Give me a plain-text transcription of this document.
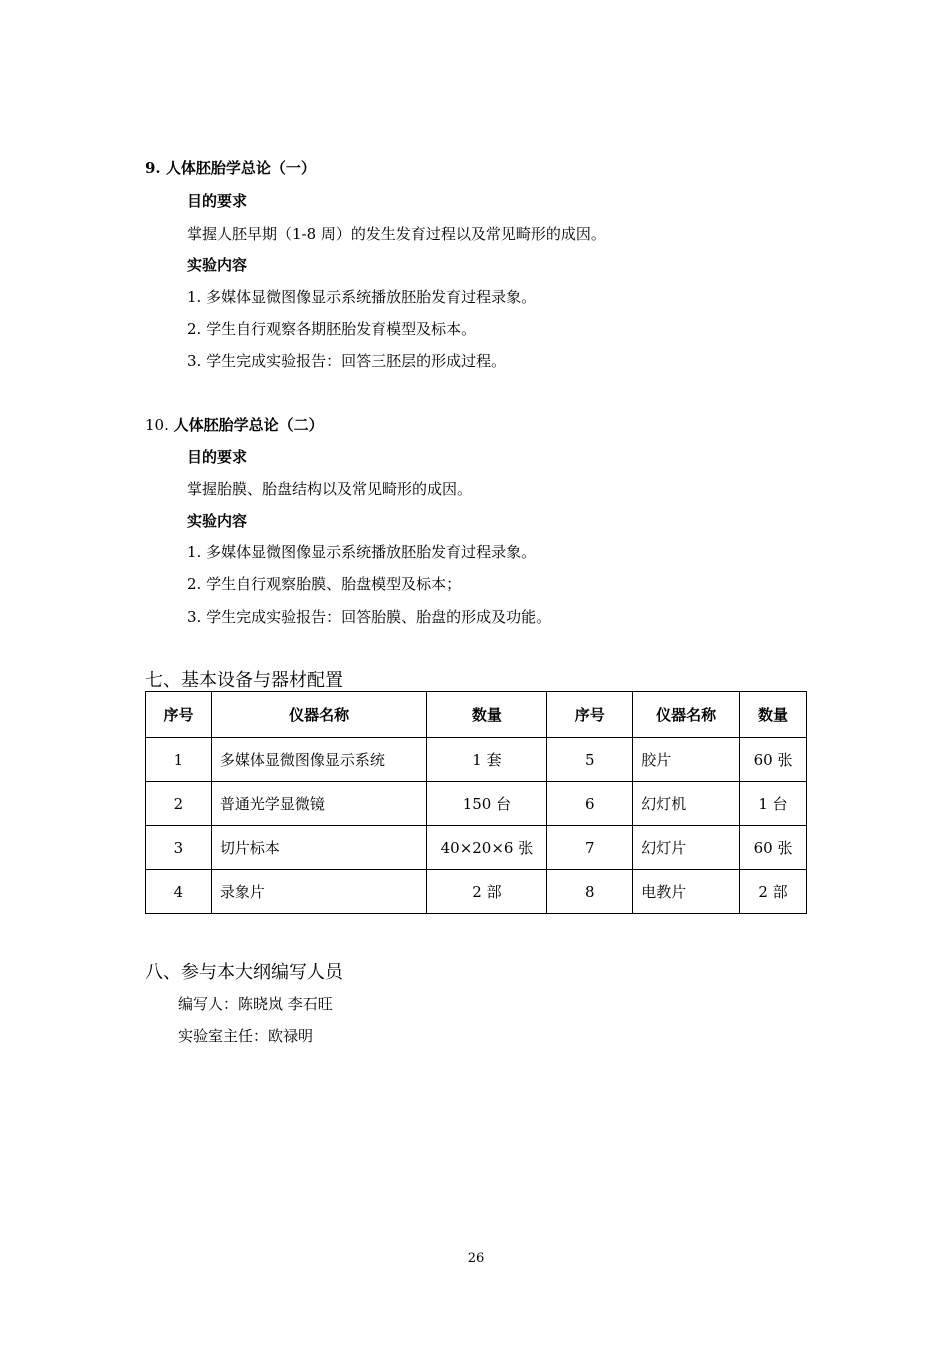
9. 人体胚胎学总论（一）
目的要求
掌握人胚早期（1-8 周）的发生发育过程以及常见畸形的成因。
实验内容
1. 多媒体显微图像显示系统播放胚胎发育过程录象。
2. 学生自行观察各期胚胎发育模型及标本。
3. 学生完成实验报告：回答三胚层的形成过程。
10. 人体胚胎学总论（二）
目的要求
掌握胎膜、胎盘结构以及常见畸形的成因。
实验内容
1. 多媒体显微图像显示系统播放胚胎发育过程录象。
2. 学生自行观察胎膜、胎盘模型及标本；
3. 学生完成实验报告：回答胎膜、胎盘的形成及功能。
七、基本设备与器材配置
序号	仪器名称	数量	序号	仪器名称	数量
1	多媒体显微图像显示系统	1 套	5	胶片	60 张
2	普通光学显微镜	150 台	6	幻灯机	1 台
3	切片标本	40×20×6 张	7	幻灯片	60 张
4	录象片	2 部	8	电教片	2 部
八、参与本大纲编写人员
编写人：陈晓岚 李石旺
实验室主任：欧禄明
26
